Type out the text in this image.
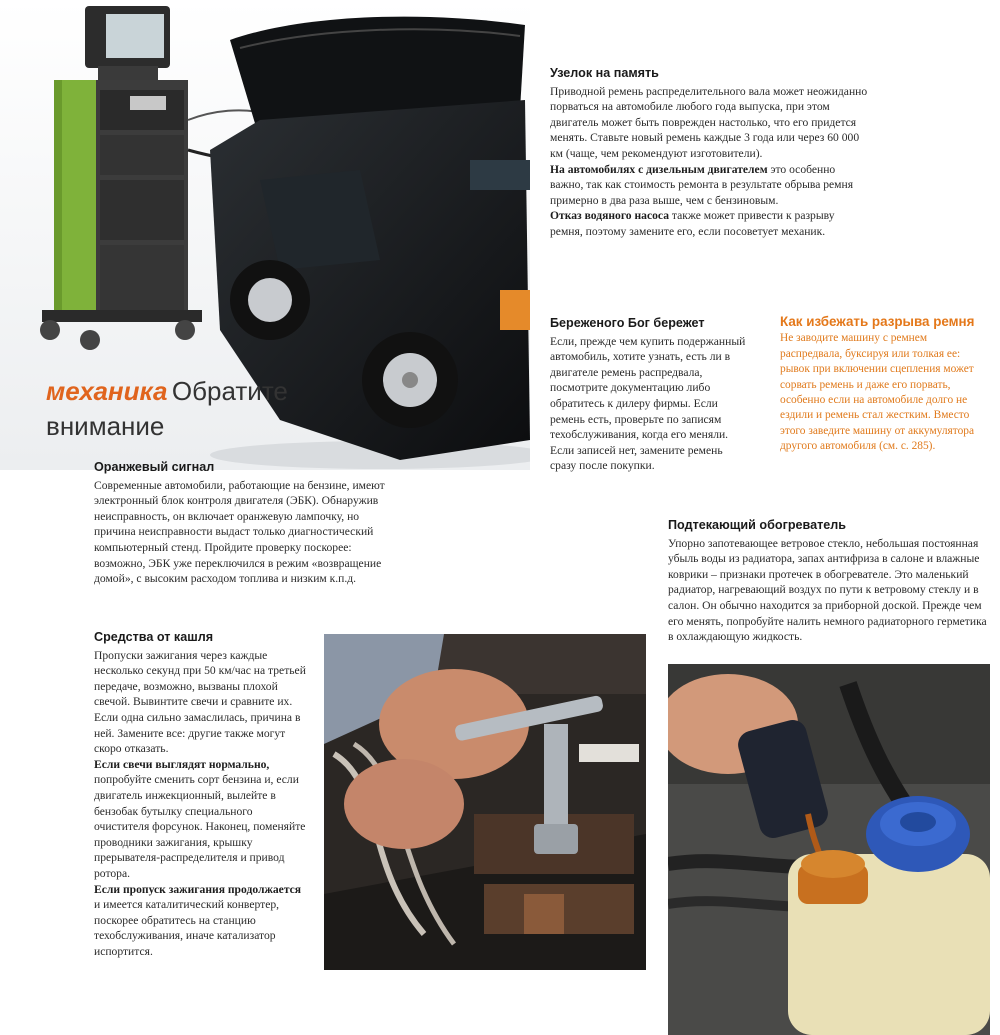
механика Обратите внимание
Узелок на память

Приводной ремень распределительного вала может неожиданно порваться на автомобиле любого года выпуска, при этом двигатель может быть поврежден настолько, что его придется менять. Ставьте новый ремень каждые 3 года или через 60 000 км (чаще, чем рекомендуют изготовители).

На автомобилях с дизельным двигателем это особенно важно, так как стоимость ремонта в результате обрыва ремня примерно в два раза выше, чем с бензиновым.

Отказ водяного насоса также может привести к разрыву ремня, поэтому замените его, если посоветует механик.

Береженого Бог бережет

Если, прежде чем купить подержанный автомобиль, хотите узнать, есть ли в двигателе ремень распредвала, посмотрите документацию либо обратитесь к дилеру фирмы. Если ремень есть, проверьте по записям техобслуживания, когда его меняли. Если записей нет, замените ремень сразу после покупки.

Как избежать разрыва ремня

Не заводите машину с ремнем распредвала, буксируя или толкая ее: рывок при включении сцепления может сорвать ремень и даже его порвать, особенно если на автомобиле долго не ездили и ремень стал жестким. Вместо этого заведите машину от аккумулятора другого автомобиля (см. с. 285).

Оранжевый сигнал

Современные автомобили, работающие на бензине, имеют электронный блок контроля двигателя (ЭБК). Обнаружив неисправность, он включает оранжевую лампочку, но причина неисправности выдаст только диагностический компьютерный стенд. Пройдите проверку поскорее: возможно, ЭБК уже переключился в режим «возвращение домой», с высоким расходом топлива и низким к.п.д.

Подтекающий обогреватель

Упорно запотевающее ветровое стекло, небольшая постоянная убыль воды из радиатора, запах антифриза в салоне и влажные коврики – признаки протечек в обогревателе. Это маленький радиатор, нагревающий воздух по пути к ветровому стеклу и в салон. Он обычно находится за приборной доской. Прежде чем его менять, попробуйте налить немного радиаторного герметика в охлаждающую жидкость.

Средства от кашля

Пропуски зажигания через каждые несколько секунд при 50 км/час на третьей передаче, возможно, вызваны плохой свечой. Вывинтите свечи и сравните их. Если одна сильно замаслилась, причина в ней. Замените все: другие также могут скоро отказать.

Если свечи выглядят нормально, попробуйте сменить сорт бензина и, если двигатель инжекционный, вылейте в бензобак бутылку специального очистителя форсунок. Наконец, поменяйте проводники зажигания, крышку прерывателя-распределителя и привод ротора.

Если пропуск зажигания продолжается и имеется каталитический конвертер, поскорее обратитесь на станцию техобслуживания, иначе катализатор испортится.
